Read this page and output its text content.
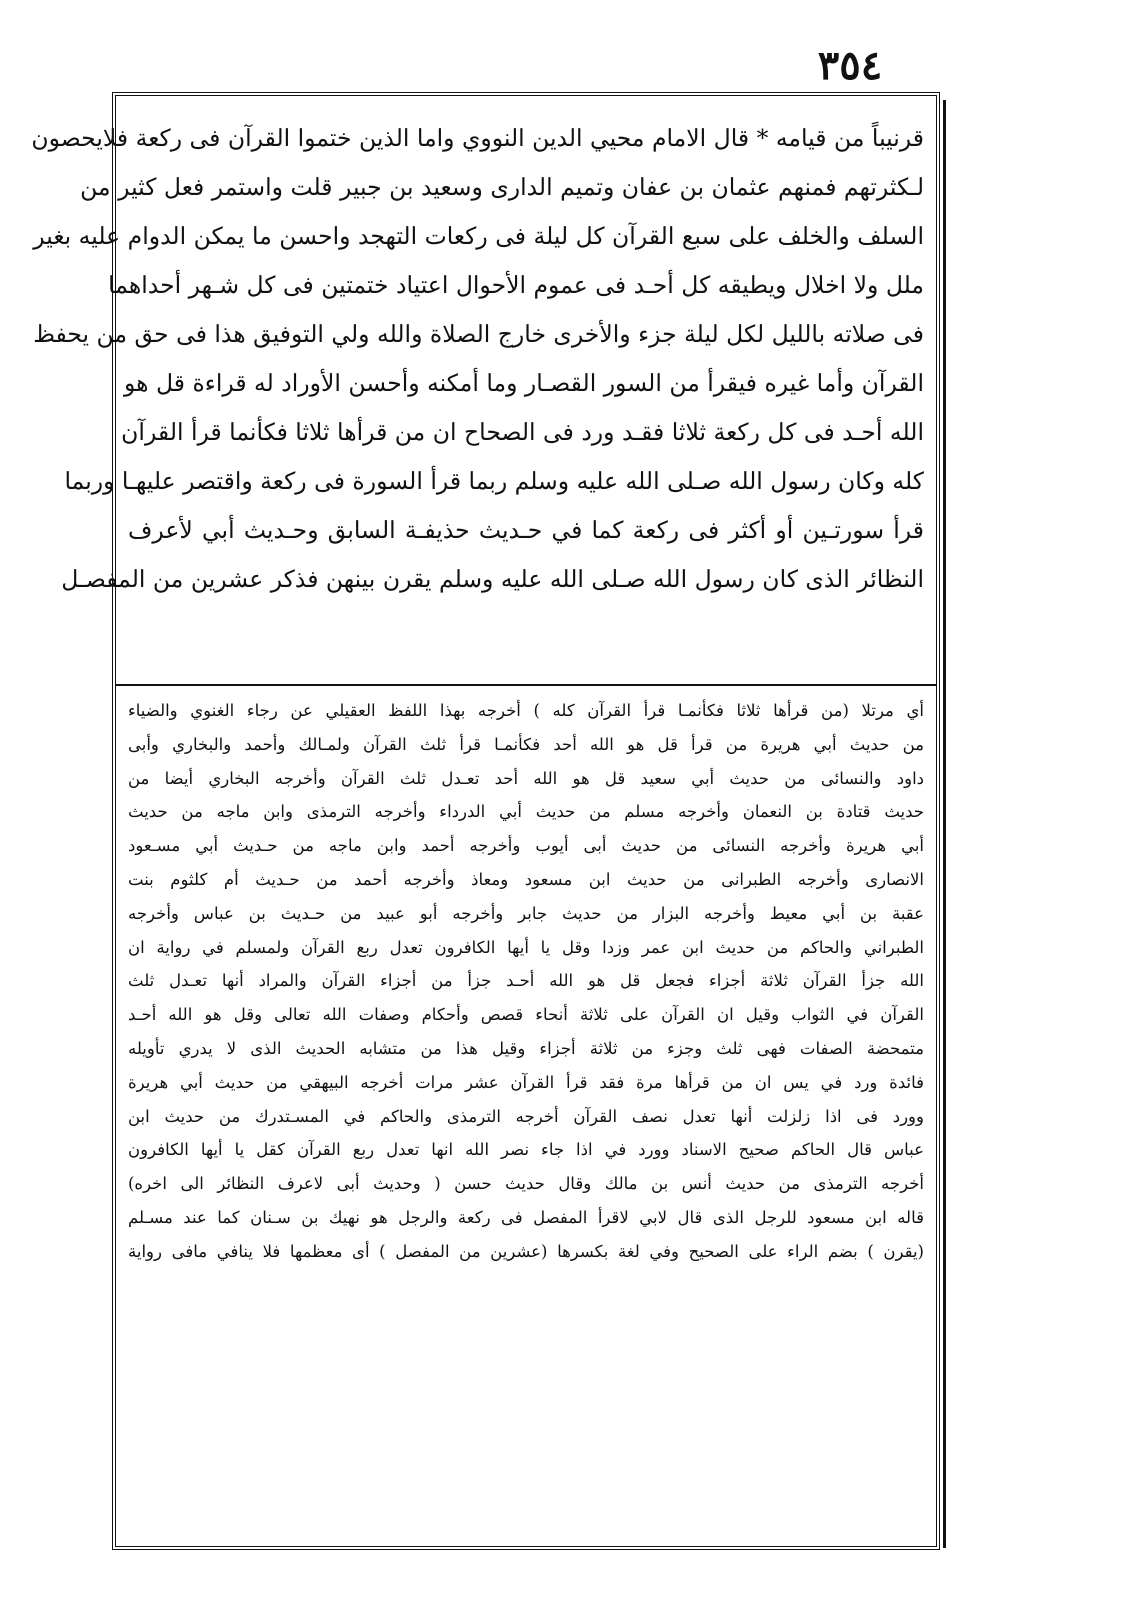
٣٥٤
قرنيباً من قيامه * قال الامام محيي الدين النووي واما الذين ختموا القرآن فى ركعة فلايحصون
لـكثرتهم فمنهم عثمان بن عفان وتميم الدارى وسعيد بن جبير قلت واستمر فعل كثير من
السلف والخلف على سبع القرآن كل ليلة فى ركعات التهجد واحسن ما يمكن الدوام عليه بغير
ملل ولا اخلال ويطيقه كل أحـد فى عموم الأحوال اعتياد ختمتين فى كل شـهر أحداهما
فى صلاته بالليل لكل ليلة جزء والأخرى خارج الصلاة والله ولي التوفيق هذا فى حق من يحفظ
القرآن وأما غيره فيقرأ من السور القصـار وما أمكنه وأحسن الأوراد له قراءة قل هو
الله أحـد فى كل ركعة ثلاثا فقـد ورد فى الصحاح ان من قرأها ثلاثا فكأنما قرأ القرآن
كله وكان رسول الله صـلى الله عليه وسلم ربما قرأ السورة فى ركعة واقتصر عليهـا وربما
قرأ سورتـين أو أكثر فى ركعة كما في حـديث حذيفـة السابق وحـديث أبي لأعرف
النظائر الذى كان رسول الله صـلى الله عليه وسلم يقرن بينهن فذكر عشرين من المفصـل
أي مرتلا (من قرأها ثلاثا فكأنمـا قرأ القرآن كله ) أخرجه بهذا اللفظ العقيلي عن رجاء الغنوي والضياء
من حديث أبي هريرة من قرأ قل هو الله أحد فكأنمـا قرأ ثلث القرآن ولمـالك وأحمد والبخاري وأبى
داود والنسائى من حديث أبي سعيد قل هو الله أحد تعـدل ثلث القرآن وأخرجه البخاري أيضا من
حديث قتادة بن النعمان وأخرجه مسلم من حديث أبي الدرداء وأخرجه الترمذى وابن ماجه من حديث
أبي هريرة وأخرجه النسائى من حديث أبى أيوب وأخرجه أحمد وابن ماجه من حـديث أبي مسـعود
الانصارى وأخرجه الطبرانى من حديث ابن مسعود ومعاذ وأخرجه أحمد من حـديث أم كلثوم بنت
عقبة بن أبي معيط وأخرجه البزار من حديث جابر وأخرجه أبو عبيد من حـديث بن عباس وأخرجه
الطبراني والحاكم من حديث ابن عمر وزدا وقل يا أيها الكافرون تعدل ربع القرآن ولمسلم في رواية ان
الله جزأ القرآن ثلاثة أجزاء فجعل قل هو الله أحـد جزأ من أجزاء القرآن والمراد أنها تعـدل ثلث
القرآن في الثواب وقيل ان القرآن على ثلاثة أنحاء قصص وأحكام وصفات الله تعالى وقل هو الله أحـد
متمحضة الصفات فهى ثلث وجزء من ثلاثة أجزاء وقيل هذا من متشابه الحديث الذى لا يدري تأويله
فائدة ورد في يس ان من قرأها مرة فقد قرأ القرآن عشر مرات أخرجه البيهقي من حديث أبي هريرة
وورد فى اذا زلزلت أنها تعدل نصف القرآن أخرجه الترمذى والحاكم في المسـتدرك من حديث ابن
عباس قال الحاكم صحيح الاسناد وورد في اذا جاء نصر الله انها تعدل ربع القرآن كقل يا أيها الكافرون
أخرجه الترمذى من حديث أنس بن مالك وقال حديث حسن ( وحديث أبى لاعرف النظائر الى اخره)
قاله ابن مسعود للرجل الذى قال لابي لاقرأ المفصل فى ركعة والرجل هو نهيك بن سـنان كما عند مسـلم
(يقرن ) بضم الراء على الصحيح وفي لغة بكسرها (عشرين من المفصل ) أى معظمها فلا ينافي مافى رواية
